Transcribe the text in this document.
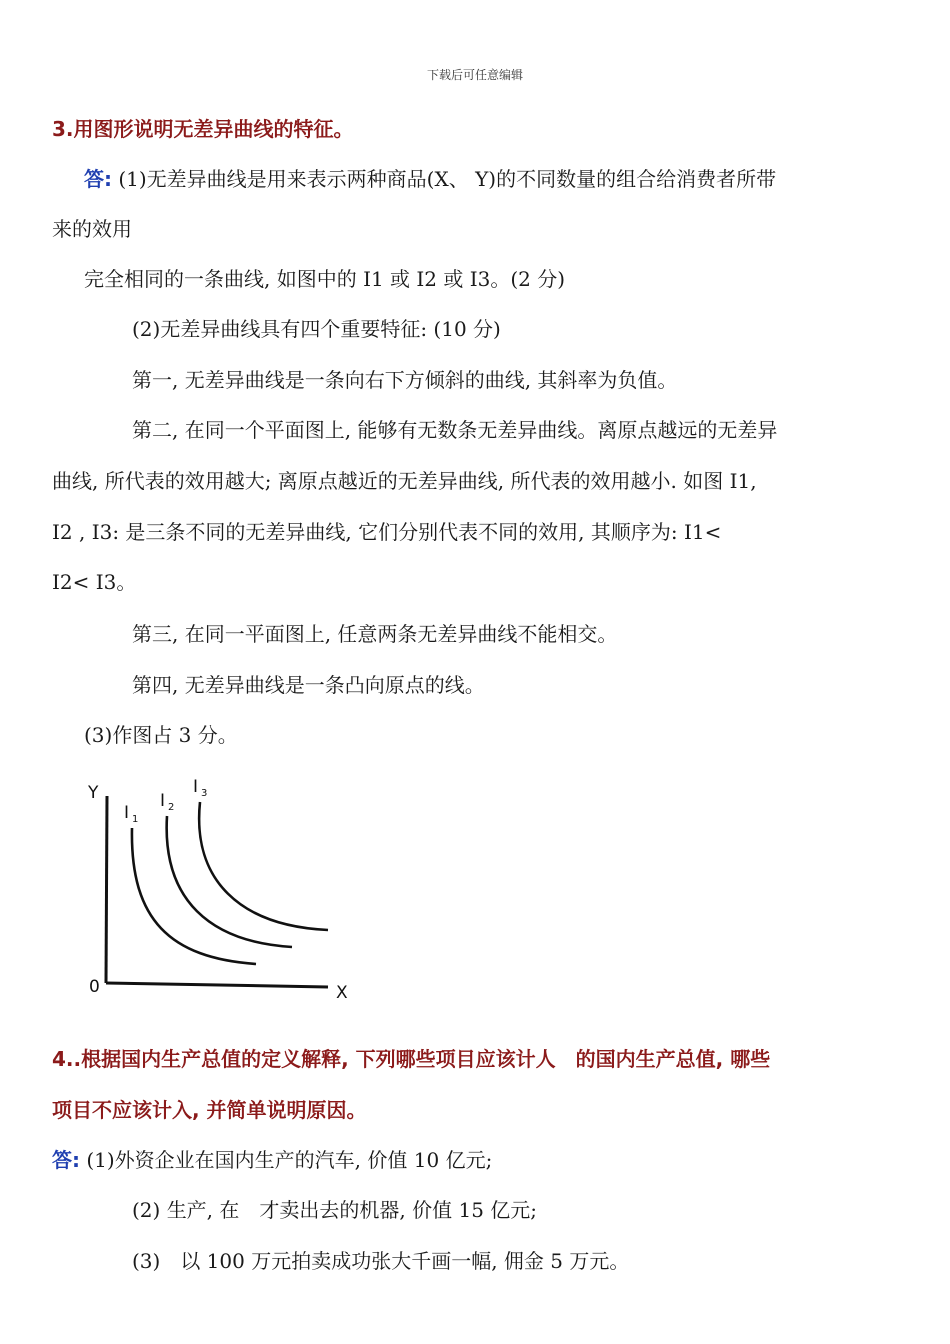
下载后可任意编辑
3.用图形说明无差异曲线的特征。
答: (1)无差异曲线是用来表示两种商品(X、 Y)的不同数量的组合给消费者所带
来的效用
完全相同的一条曲线, 如图中的 I1 或 I2 或 I3。(2 分)
(2)无差异曲线具有四个重要特征: (10 分)
第一, 无差异曲线是一条向右下方倾斜的曲线, 其斜率为负值。
第二, 在同一个平面图上, 能够有无数条无差异曲线。离原点越远的无差异
曲线, 所代表的效用越大; 离原点越近的无差异曲线, 所代表的效用越小. 如图 I1,
I2 , I3: 是三条不同的无差异曲线, 它们分别代表不同的效用, 其顺序为: I1<
I2< I3。
第三, 在同一平面图上, 任意两条无差异曲线不能相交。
第四, 无差异曲线是一条凸向原点的线。
(3)作图占 3 分。
Y
X
0
I 1
I 2
I 3
4..根据国内生产总值的定义解释, 下列哪些项目应该计人　的国内生产总值, 哪些
项目不应该计入, 并简单说明原因。
答: (1)外资企业在国内生产的汽车, 价值 10 亿元;
(2) 生产, 在　才卖出去的机器, 价值 15 亿元;
(3)　以 100 万元拍卖成功张大千画一幅, 佣金 5 万元。
